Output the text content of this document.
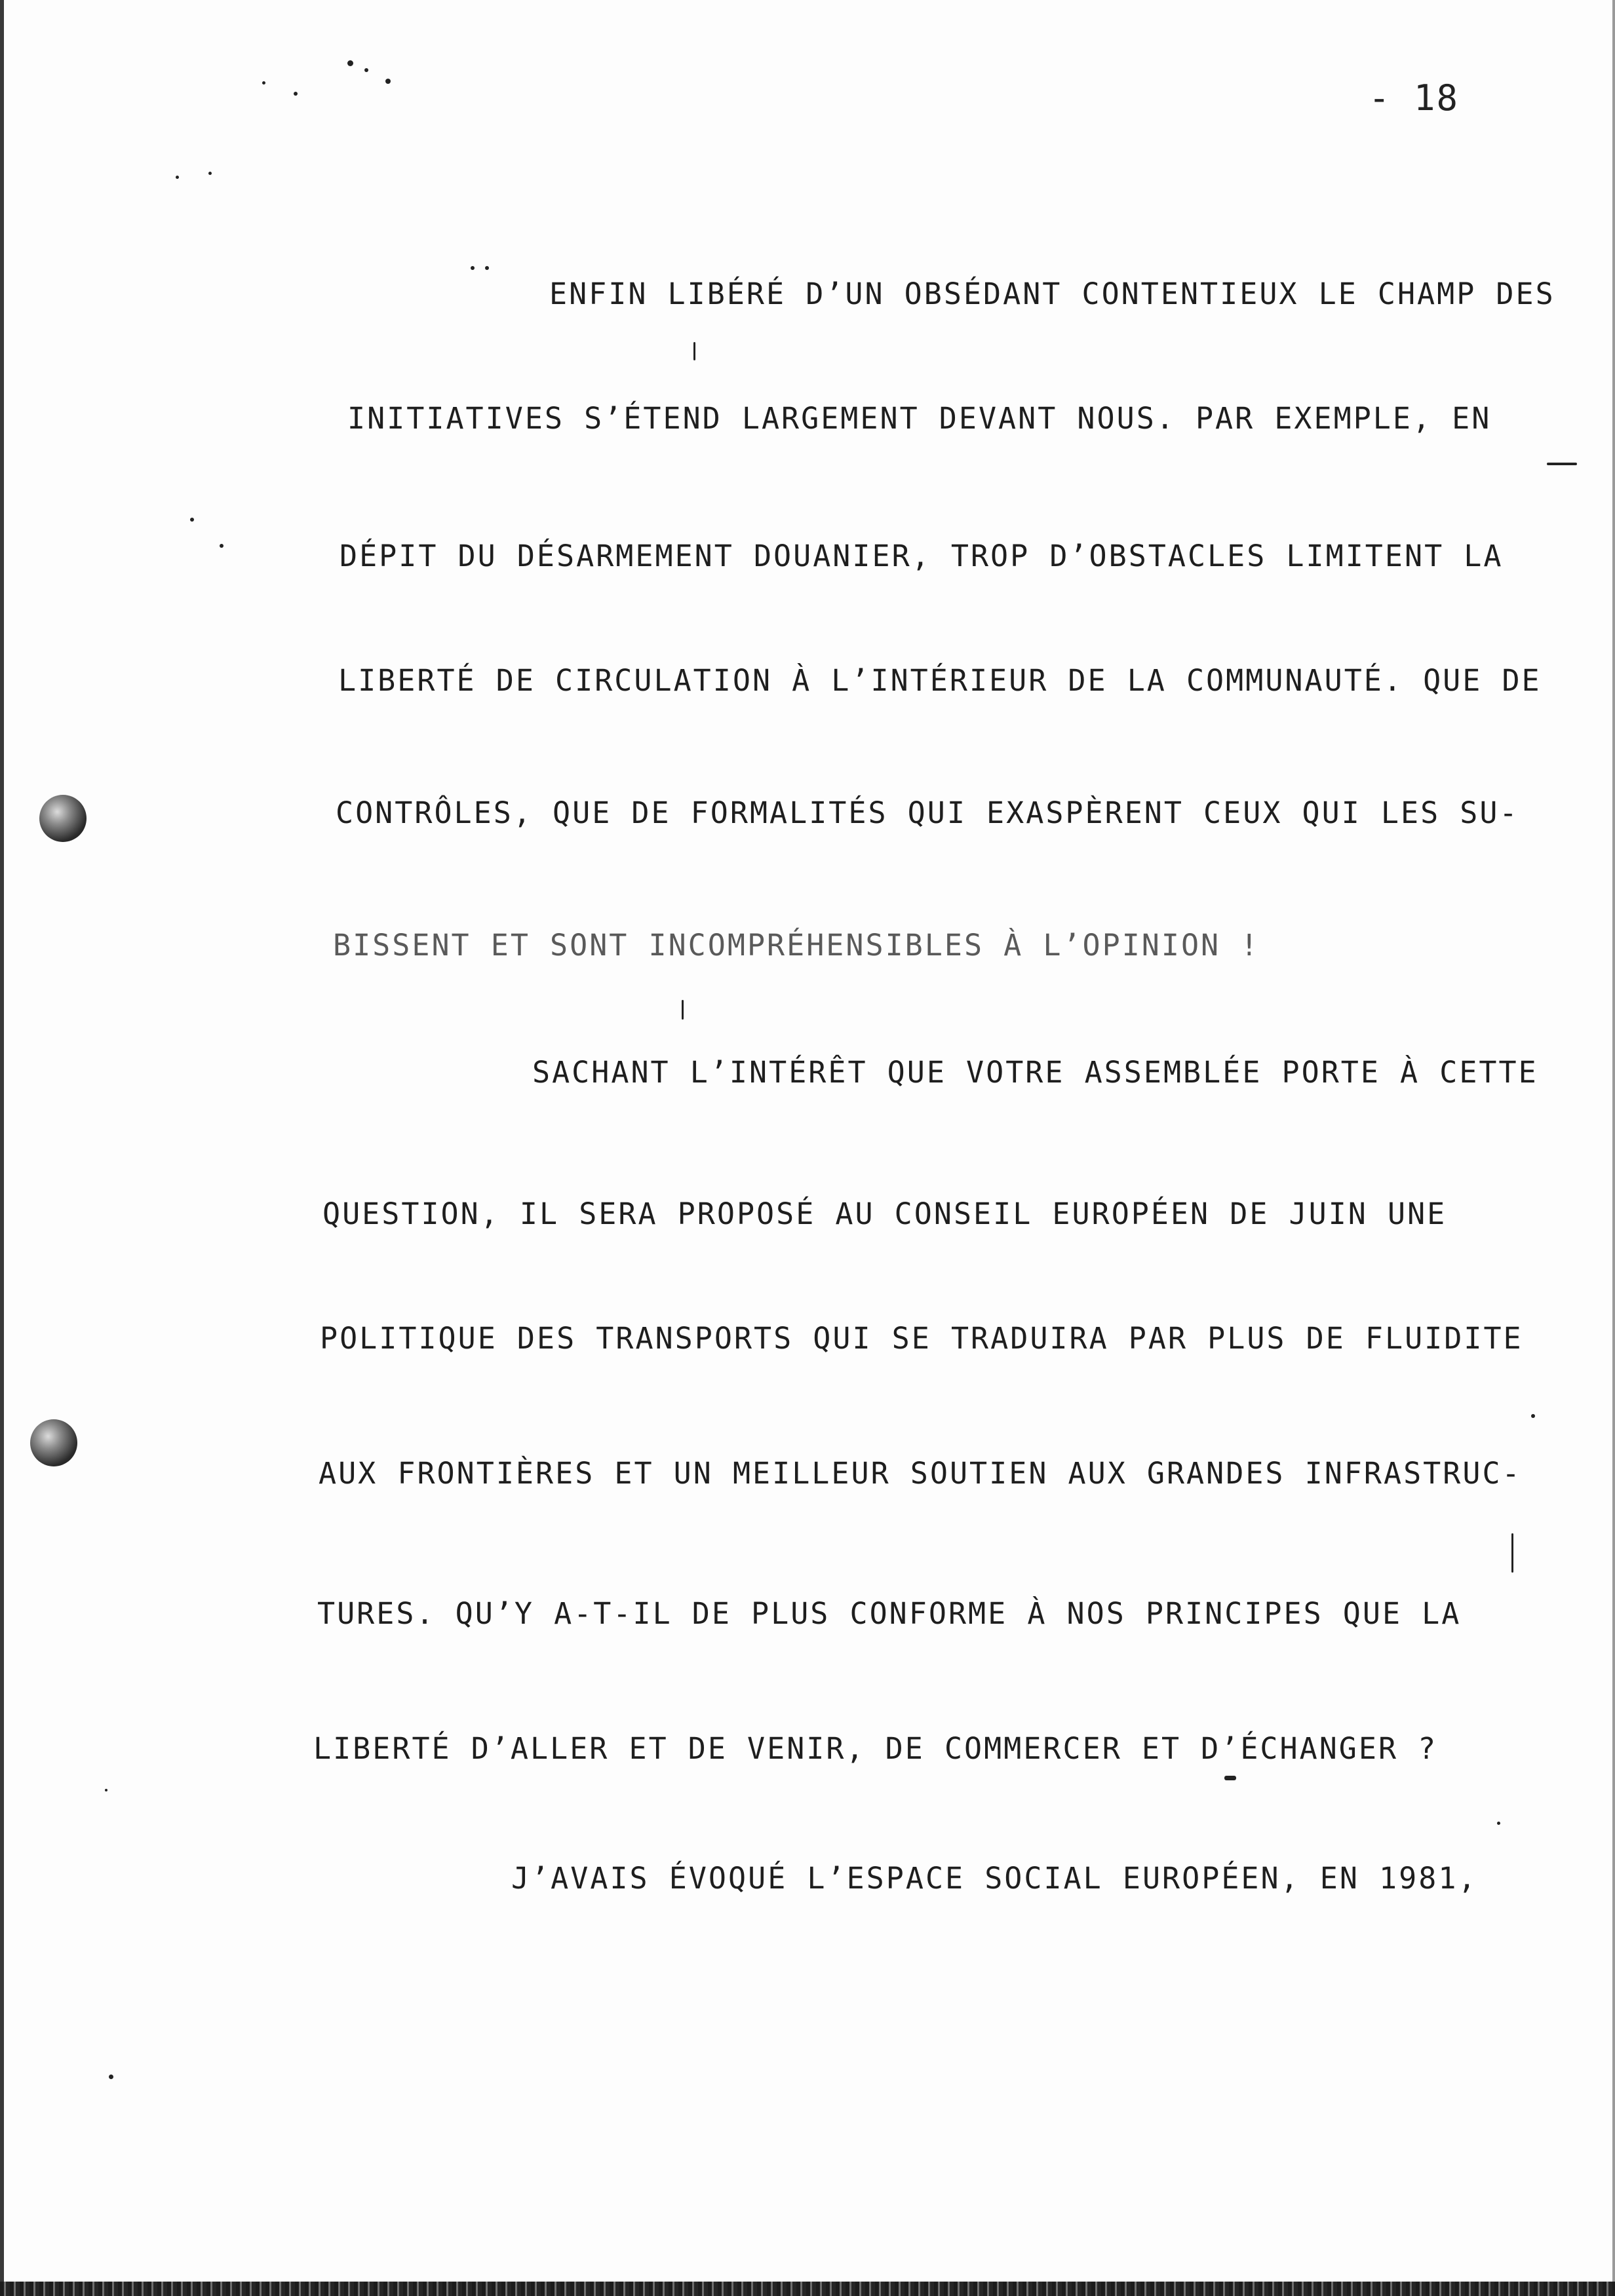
- 18
ENFIN LIBÉRÉ D’UN OBSÉDANT CONTENTIEUX LE CHAMP DES
INITIATIVES S’ÉTEND LARGEMENT DEVANT NOUS. PAR EXEMPLE, EN
DÉPIT DU DÉSARMEMENT DOUANIER, TROP D’OBSTACLES LIMITENT LA
LIBERTÉ DE CIRCULATION À L’INTÉRIEUR DE LA COMMUNAUTÉ. QUE DE
CONTRÔLES, QUE DE FORMALITÉS QUI EXASPÈRENT CEUX QUI LES SU-
BISSENT ET SONT INCOMPRÉHENSIBLES À L’OPINION !
SACHANT L’INTÉRÊT QUE VOTRE ASSEMBLÉE PORTE À CETTE
QUESTION, IL SERA PROPOSÉ AU CONSEIL EUROPÉEN DE JUIN UNE
POLITIQUE DES TRANSPORTS QUI SE TRADUIRA PAR PLUS DE FLUIDITE
AUX FRONTIÈRES ET UN MEILLEUR SOUTIEN AUX GRANDES INFRASTRUC-
TURES. QU’Y A-T-IL DE PLUS CONFORME À NOS PRINCIPES QUE LA
LIBERTÉ D’ALLER ET DE VENIR, DE COMMERCER ET D’ÉCHANGER ?
J’AVAIS ÉVOQUÉ L’ESPACE SOCIAL EUROPÉEN, EN 1981,
